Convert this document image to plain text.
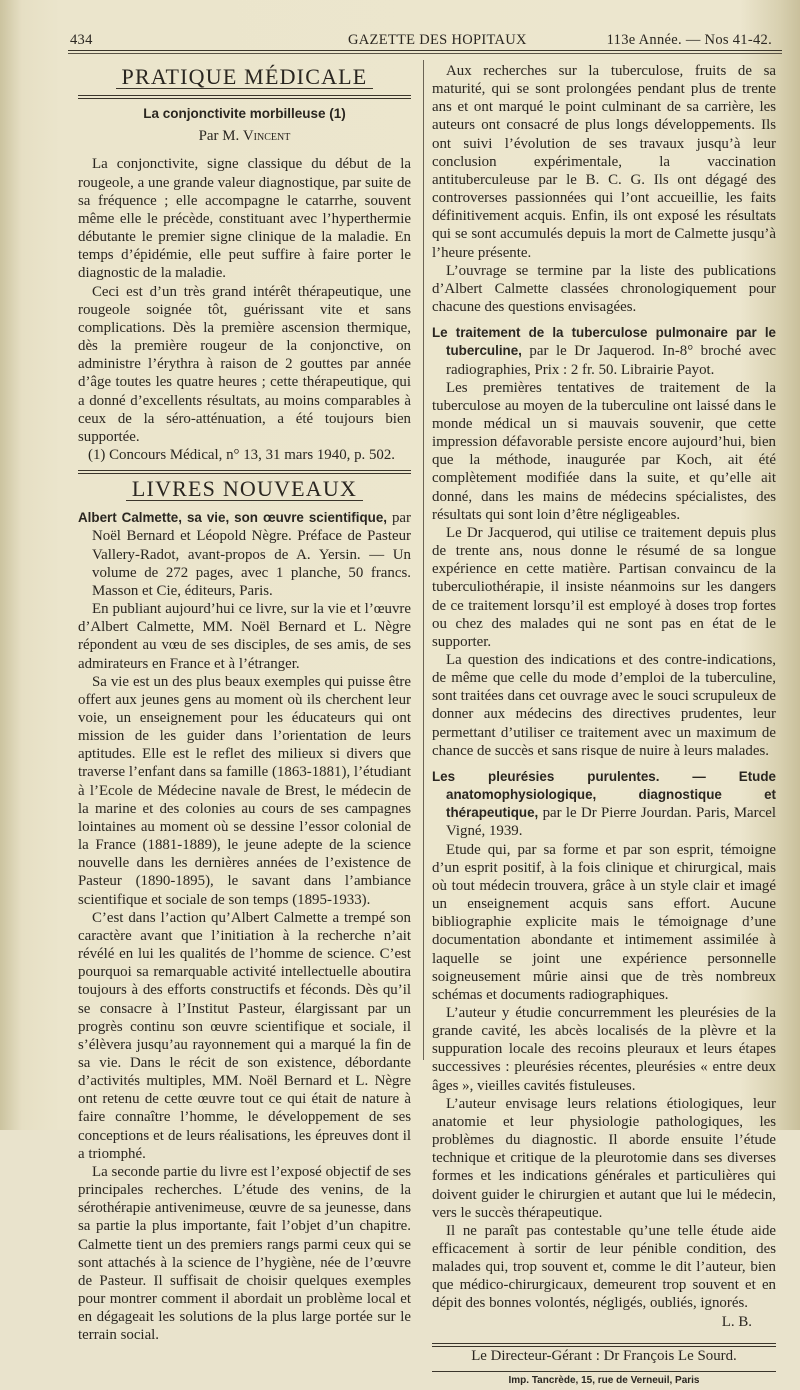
434	GAZETTE DES HOPITAUX	113e Année. — Nos 41-42.
PRATIQUE MÉDICALE
La conjonctivite morbilleuse (1)
Par M. Vincent

La conjonctivite, signe classique du début de la rougeole, a une grande valeur diagnostique, par suite de sa fréquence ; elle accompagne le catarrhe, souvent même elle le précède, constituant avec l’hyperthermie débutante le premier signe clinique de la maladie. En temps d’épidémie, elle peut suffire à faire porter le diagnostic de la maladie.

Ceci est d’un très grand intérêt thérapeutique, une rougeole soignée tôt, guérissant vite et sans complications. Dès la première ascension thermique, dès la première rougeur de la conjonctive, on administre l’érythra à raison de 2 gouttes par année d’âge toutes les quatre heures ; cette thérapeutique, qui a donné d’excellents résultats, au moins comparables à ceux de la séro-atténuation, a été toujours bien supportée.

(1) Concours Médical, n° 13, 31 mars 1940, p. 502.

LIVRES NOUVEAUX

Albert Calmette, sa vie, son œuvre scientifique, par Noël Bernard et Léopold Nègre. Préface de Pasteur Vallery-Radot, avant-propos de A. Yersin. — Un volume de 272 pages, avec 1 planche, 50 francs. Masson et Cie, éditeurs, Paris.

En publiant aujourd’hui ce livre, sur la vie et l’œuvre d’Albert Calmette, MM. Noël Bernard et L. Nègre répondent au vœu de ses disciples, de ses amis, de ses admirateurs en France et à l’étranger.

Sa vie est un des plus beaux exemples qui puisse être offert aux jeunes gens au moment où ils cherchent leur voie, un enseignement pour les éducateurs qui ont mission de les guider dans l’orientation de leurs aptitudes. Elle est le reflet des milieux si divers que traverse l’enfant dans sa famille (1863-1881), l’étudiant à l’Ecole de Médecine navale de Brest, le médecin de la marine et des colonies au cours de ses campagnes lointaines au moment où se dessine l’essor colonial de la France (1881-1889), le jeune adepte de la science nouvelle dans les dernières années de l’existence de Pasteur (1890-1895), le savant dans l’ambiance scientifique et sociale de son temps (1895-1933).

C’est dans l’action qu’Albert Calmette a trempé son caractère avant que l’initiation à la recherche n’ait révélé en lui les qualités de l’homme de science. C’est pourquoi sa remarquable activité intellectuelle aboutira toujours à des efforts constructifs et féconds. Dès qu’il se consacre à l’Institut Pasteur, élargissant par un progrès continu son œuvre scientifique et sociale, il s’élèvera jusqu’au rayonnement qui a marqué la fin de sa vie. Dans le récit de son existence, débordante d’activités multiples, MM. Noël Bernard et L. Nègre ont retenu de cette œuvre tout ce qui était de nature à faire connaître l’homme, le développement de ses conceptions et de leurs réalisations, les épreuves dont il a triomphé.

La seconde partie du livre est l’exposé objectif de ses principales recherches. L’étude des venins, de la sérothérapie antivenimeuse, œuvre de sa jeunesse, dans sa partie la plus importante, fait l’objet d’un chapitre. Calmette tient un des premiers rangs parmi ceux qui se sont attachés à la science de l’hygiène, née de l’œuvre de Pasteur. Il suffisait de choisir quelques exemples pour montrer comment il abordait un problème local et en dégageait les solutions de la plus large portée sur le terrain social.

Aux recherches sur la tuberculose, fruits de sa maturité, qui se sont prolongées pendant plus de trente ans et ont marqué le point culminant de sa carrière, les auteurs ont consacré de plus longs développements. Ils ont suivi l’évolution de ses travaux jusqu’à leur conclusion expérimentale, la vaccination antituberculeuse par le B. C. G. Ils ont dégagé des controverses passionnées qui l’ont accueillie, les faits définitivement acquis. Enfin, ils ont exposé les résultats qui se sont accumulés depuis la mort de Calmette jusqu’à l’heure présente.

L’ouvrage se termine par la liste des publications d’Albert Calmette classées chronologiquement pour chacune des questions envisagées.

Le traitement de la tuberculose pulmonaire par le tuberculine, par le Dr Jaquerod. In-8° broché avec radiographies, Prix : 2 fr. 50. Librairie Payot.

Les premières tentatives de traitement de la tuberculose au moyen de la tuberculine ont laissé dans le monde médical un si mauvais souvenir, que cette impression défavorable persiste encore aujourd’hui, bien que la méthode, inaugurée par Koch, ait été complètement modifiée dans la suite, et qu’elle ait donné, dans les mains de médecins spécialistes, des résultats qui sont loin d’être négligeables.

Le Dr Jacquerod, qui utilise ce traitement depuis plus de trente ans, nous donne le résumé de sa longue expérience en cette matière. Partisan convaincu de la tuberculiothérapie, il insiste néanmoins sur les dangers de ce traitement lorsqu’il est employé à doses trop fortes ou chez des malades qui ne sont pas en état de le supporter.

La question des indications et des contre-indications, de même que celle du mode d’emploi de la tuberculine, sont traitées dans cet ouvrage avec le souci scrupuleux de donner aux médecins des directives prudentes, leur permettant d’utiliser ce traitement avec un maximum de chance de succès et sans risque de nuire à leurs malades.

Les pleurésies purulentes. — Etude anatomophysiologique, diagnostique et thérapeutique, par le Dr Pierre Jourdan. Paris, Marcel Vigné, 1939.

Etude qui, par sa forme et par son esprit, témoigne d’un esprit positif, à la fois clinique et chirurgical, mais où tout médecin trouvera, grâce à un style clair et imagé un enseignement acquis sans effort. Aucune bibliographie explicite mais le témoignage d’une documentation abondante et intimement assimilée à laquelle se joint une expérience personnelle soigneusement mûrie ainsi que de très nombreux schémas et documents radiographiques.

L’auteur y étudie concurremment les pleurésies de la grande cavité, les abcès localisés de la plèvre et la suppuration locale des recoins pleuraux et leurs étapes successives : pleurésies récentes, pleurésies « entre deux âges », vieilles cavités fistuleuses.

L’auteur envisage leurs relations étiologiques, leur anatomie et leur physiologie pathologiques, les problèmes du diagnostic. Il aborde ensuite l’étude technique et critique de la pleurotomie dans ses diverses formes et les indications générales et particulières qui doivent guider le chirurgien et autant que lui le médecin, vers le succès thérapeutique.

Il ne paraît pas contestable qu’une telle étude aide efficacement à sortir de leur pénible condition, des malades qui, trop souvent et, comme le dit l’auteur, bien que médico-chirurgicaux, demeurent trop souvent et en dépit des bonnes volontés, négligés, oubliés, ignorés.

L. B.

Le Directeur-Gérant : Dr François Le Sourd.

Imp. Tancrède, 15, rue de Verneuil, Paris
